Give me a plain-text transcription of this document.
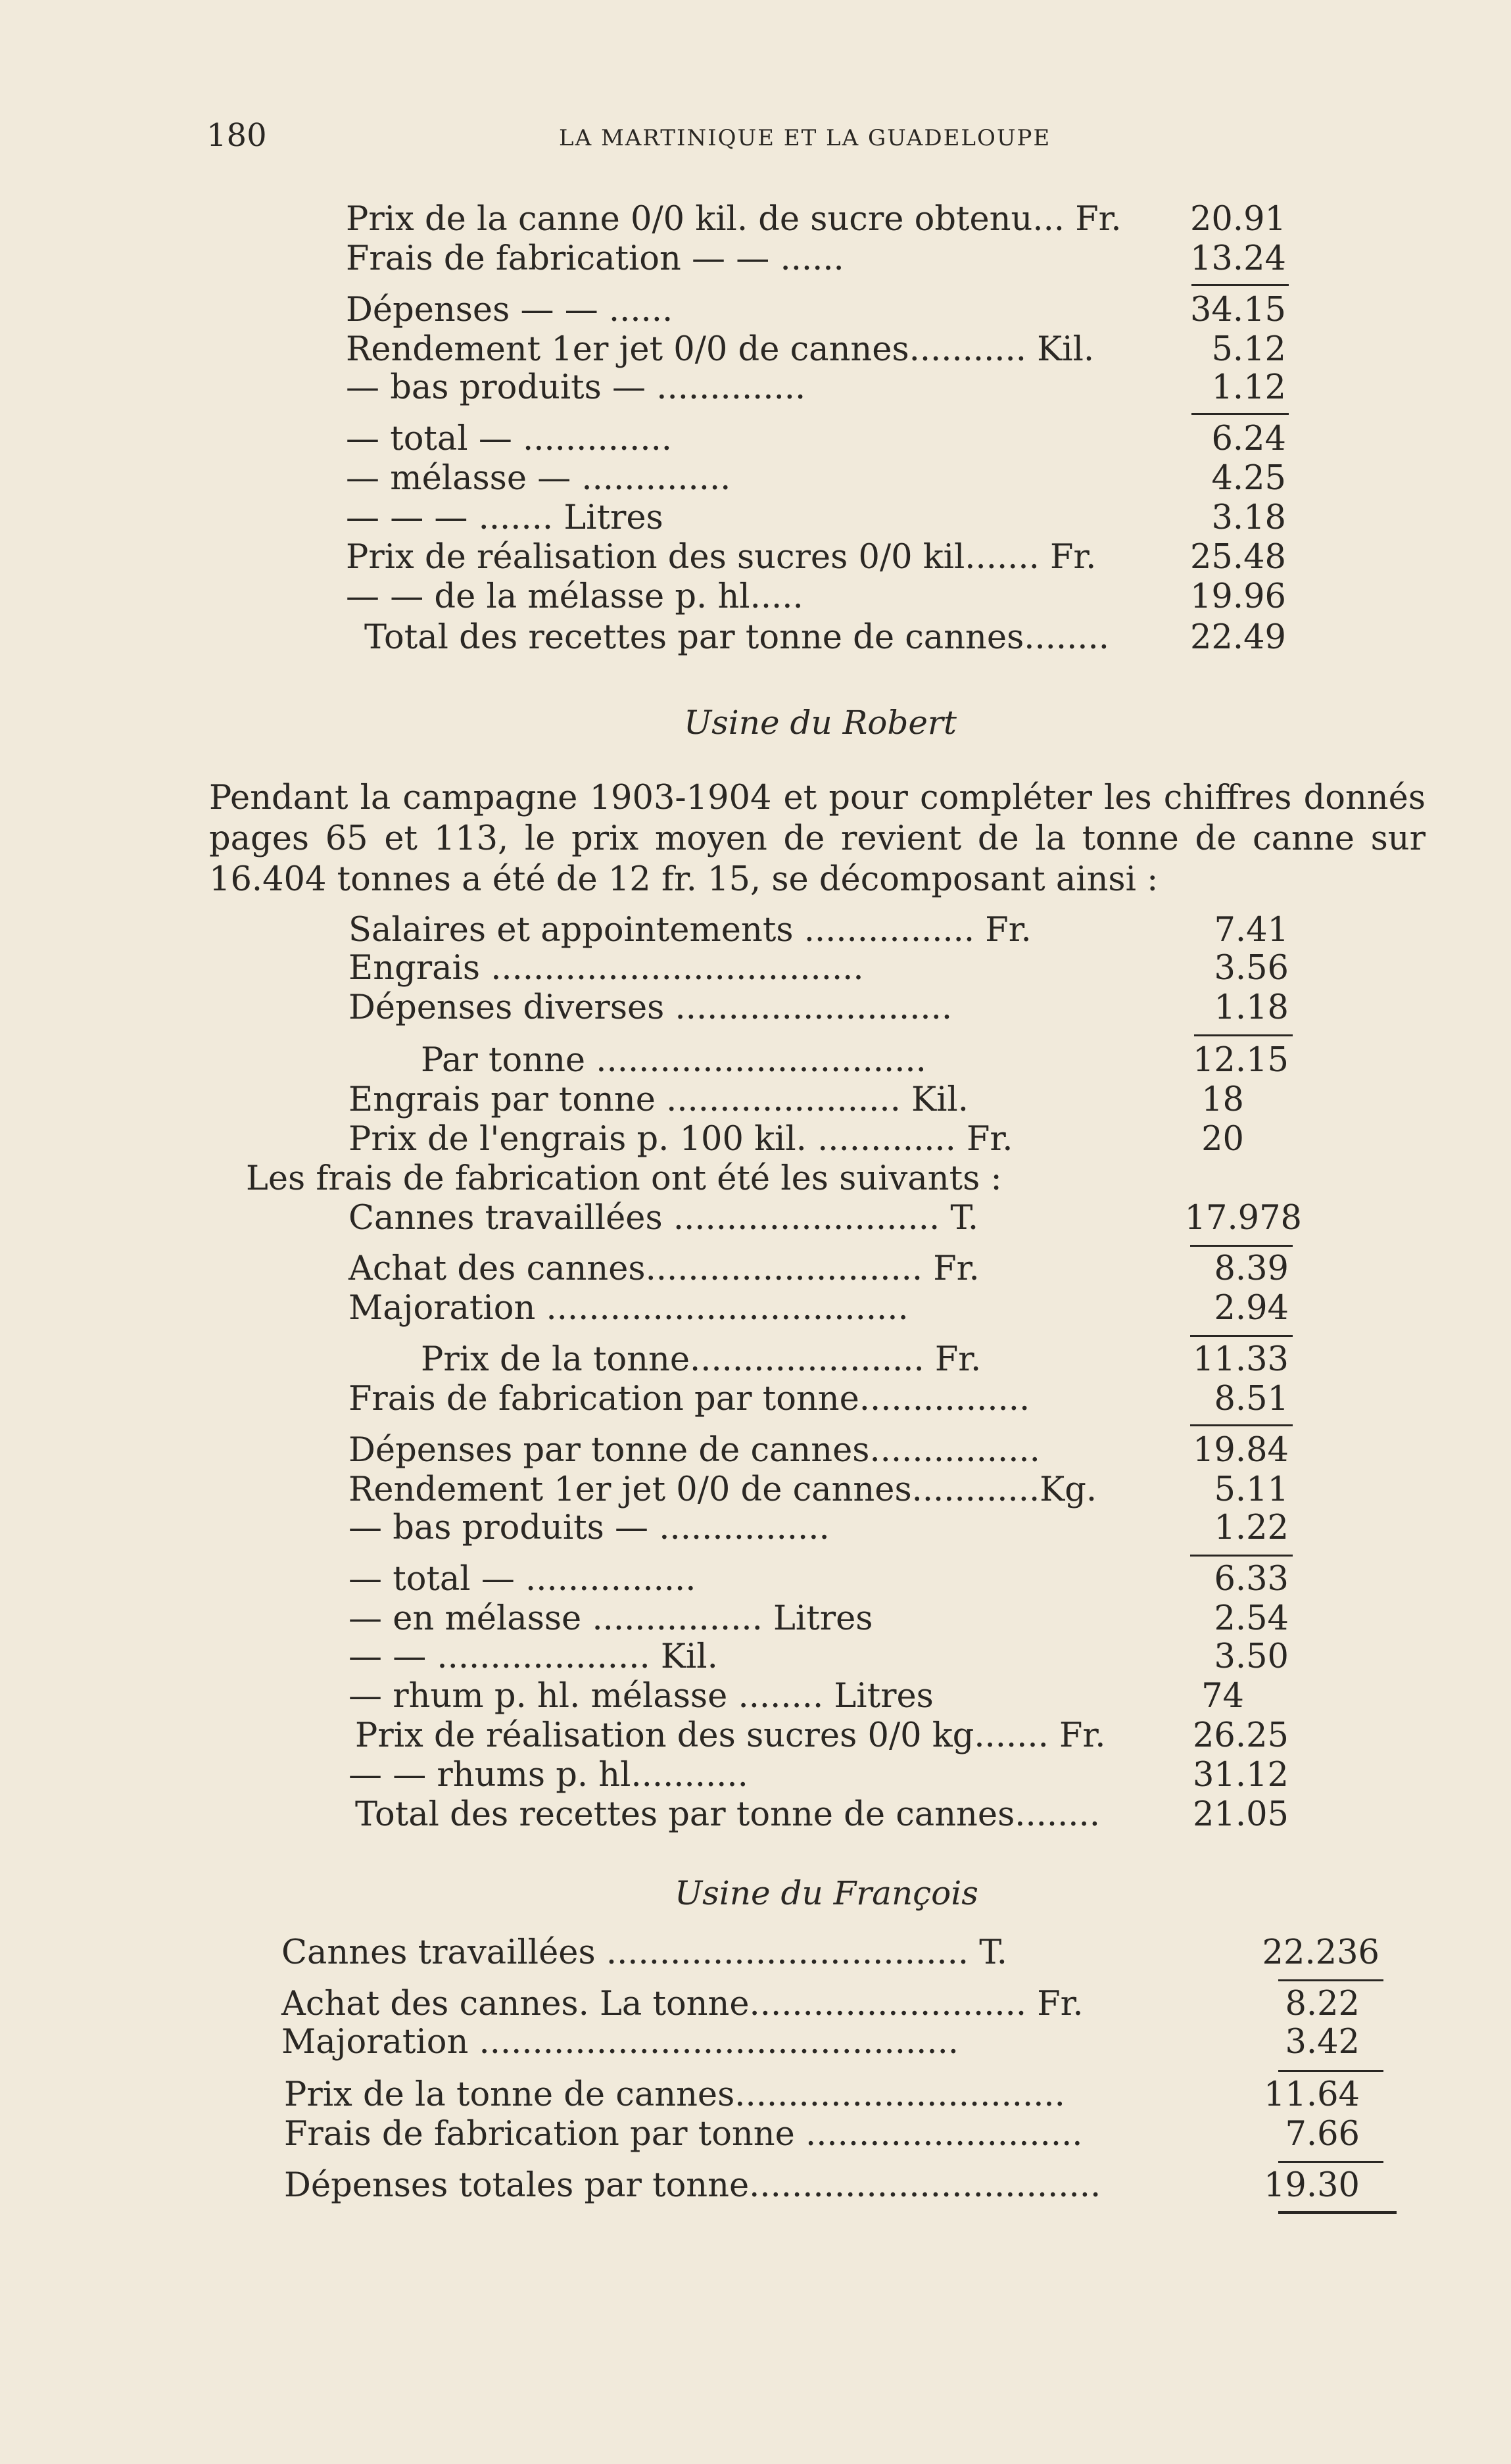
180	LA MARTINIQUE ET LA GUADELOUPE
Prix de la canne 0/0 kil. de sucre obtenu... Fr. 20.91
Frais de fabrication — — ......	13.24
Dépenses — — ......	34.15
Rendement 1er jet 0/0 de cannes........... Kil.	5.12
— bas produits — ..............	1.12
— total — ..............	6.24
— mélasse — ..............	4.25
— — — ....... Litres	3.18
Prix de réalisation des sucres 0/0 kil....... Fr.	25.48
— — de la mélasse p. hl.....	19.96
Total des recettes par tonne de cannes........ 22.49
Usine du Robert
Pendant la campagne 1903-1904 et pour compléter les chiffres donnés pages 65 et 113, le prix moyen de revient de la tonne de canne sur 16.404 tonnes a été de 12 fr. 15, se décomposant ainsi :
Salaires et appointements ................ Fr.	7.41
Engrais ...................................	3.56
Dépenses diverses ..........................	1.18
Par tonne ...............................	12.15
Engrais par tonne ...................... Kil.	18
Prix de l'engrais p. 100 kil. ............. Fr.	20
Les frais de fabrication ont été les suivants :
Cannes travaillées ......................... T.	17.978
Achat des cannes.......................... Fr.	8.39
Majoration ..................................	2.94
Prix de la tonne...................... Fr.	11.33
Frais de fabrication par tonne................	8.51
Dépenses par tonne de cannes................	19.84
Rendement 1er jet 0/0 de cannes............Kg.	5.11
— bas produits — ................	1.22
— total — ................	6.33
— en mélasse ................ Litres	2.54
— — .................... Kil.	3.50
— rhum p. hl. mélasse ........ Litres	74
Prix de réalisation des sucres 0/0 kg....... Fr.	26.25
— — rhums p. hl...........	31.12
Total des recettes par tonne de cannes........	21.05
Usine du François
Cannes travaillées .................................. T.	22.236
Achat des cannes. La tonne.......................... Fr.	8.22
Majoration .............................................	3.42
Prix de la tonne de cannes...............................	11.64
Frais de fabrication par tonne ..........................	7.66
Dépenses totales par tonne.................................	19.30
